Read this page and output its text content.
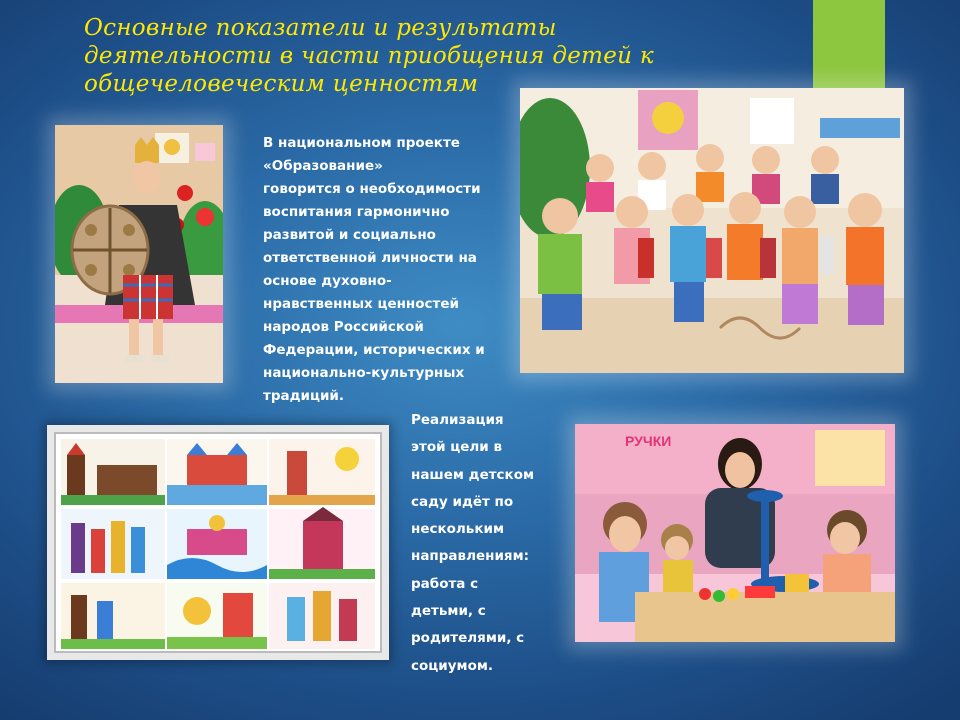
Основные показатели и результаты деятельности в части приобщения детей к общечеловеческим ценностям

В национальном проекте
«Образование»
говорится о необходимости
воспитания гармонично
развитой и социально
ответственной личности на
основе духовно-
нравственных ценностей
народов Российской
Федерации, исторических и
национально-культурных
традиций.

Реализация
этой цели в
нашем детском
саду идёт по
нескольким
направлениям:
работа с
детьми, с
родителями, с
социумом.

РУЧКИ
